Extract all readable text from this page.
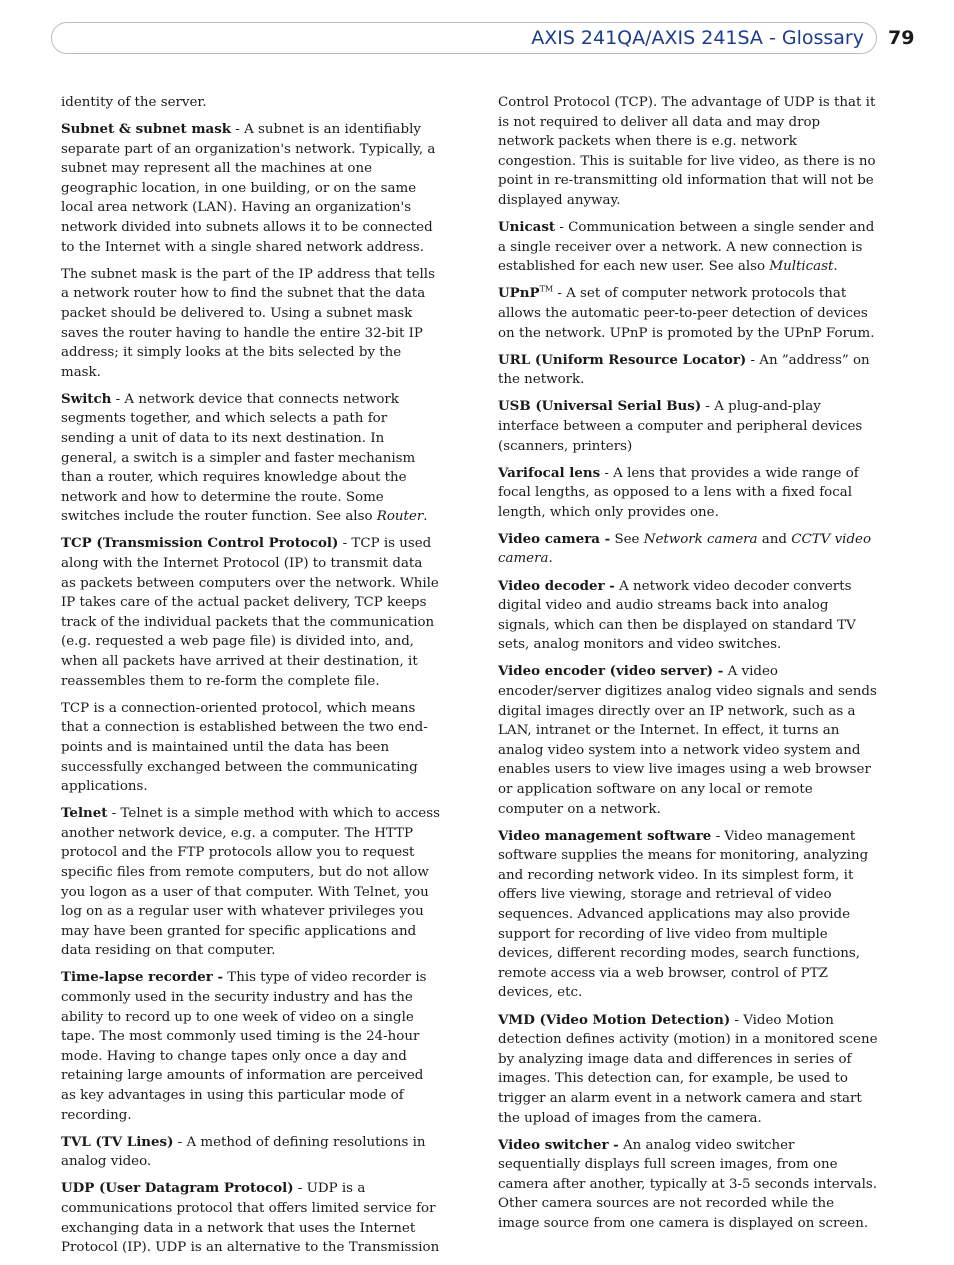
AXIS 241QA/AXIS 241SA - Glossary 79

identity of the server.

Subnet & subnet mask - A subnet is an identifiably separate part of an organization's network. Typically, a subnet may represent all the machines at one geographic location, in one building, or on the same local area network (LAN). Having an organization's network divided into subnets allows it to be connected to the Internet with a single shared network address.

The subnet mask is the part of the IP address that tells a network router how to find the subnet that the data packet should be delivered to. Using a subnet mask saves the router having to handle the entire 32-bit IP address; it simply looks at the bits selected by the mask.

Switch - A network device that connects network segments together, and which selects a path for sending a unit of data to its next destination. In general, a switch is a simpler and faster mechanism than a router, which requires knowledge about the network and how to determine the route. Some switches include the router function. See also Router.

TCP (Transmission Control Protocol) - TCP is used along with the Internet Protocol (IP) to transmit data as packets between computers over the network. While IP takes care of the actual packet delivery, TCP keeps track of the individual packets that the communication (e.g. requested a web page file) is divided into, and, when all packets have arrived at their destination, it reassembles them to re-form the complete file.

TCP is a connection-oriented protocol, which means that a connection is established between the two end-points and is maintained until the data has been successfully exchanged between the communicating applications.

Telnet - Telnet is a simple method with which to access another network device, e.g. a computer. The HTTP protocol and the FTP protocols allow you to request specific files from remote computers, but do not allow you logon as a user of that computer. With Telnet, you log on as a regular user with whatever privileges you may have been granted for specific applications and data residing on that computer.

Time-lapse recorder - This type of video recorder is commonly used in the security industry and has the ability to record up to one week of video on a single tape. The most commonly used timing is the 24-hour mode. Having to change tapes only once a day and retaining large amounts of information are perceived as key advantages in using this particular mode of recording.

TVL (TV Lines) - A method of defining resolutions in analog video.

UDP (User Datagram Protocol) - UDP is a communications protocol that offers limited service for exchanging data in a network that uses the Internet Protocol (IP). UDP is an alternative to the Transmission

Control Protocol (TCP). The advantage of UDP is that it is not required to deliver all data and may drop network packets when there is e.g. network congestion. This is suitable for live video, as there is no point in re-transmitting old information that will not be displayed anyway.

Unicast - Communication between a single sender and a single receiver over a network. A new connection is established for each new user. See also Multicast.

UPnP™ - A set of computer network protocols that allows the automatic peer-to-peer detection of devices on the network. UPnP is promoted by the UPnP Forum.

URL (Uniform Resource Locator) - An ”address” on the network.

USB (Universal Serial Bus) - A plug-and-play interface between a computer and peripheral devices (scanners, printers)

Varifocal lens - A lens that provides a wide range of focal lengths, as opposed to a lens with a fixed focal length, which only provides one.

Video camera - See Network camera and CCTV video camera.

Video decoder - A network video decoder converts digital video and audio streams back into analog signals, which can then be displayed on standard TV sets, analog monitors and video switches.

Video encoder (video server) - A video encoder/server digitizes analog video signals and sends digital images directly over an IP network, such as a LAN, intranet or the Internet. In effect, it turns an analog video system into a network video system and enables users to view live images using a web browser or application software on any local or remote computer on a network.

Video management software - Video management software supplies the means for monitoring, analyzing and recording network video. In its simplest form, it offers live viewing, storage and retrieval of video sequences. Advanced applications may also provide support for recording of live video from multiple devices, different recording modes, search functions, remote access via a web browser, control of PTZ devices, etc.

VMD (Video Motion Detection) - Video Motion detection defines activity (motion) in a monitored scene by analyzing image data and differences in series of images. This detection can, for example, be used to trigger an alarm event in a network camera and start the upload of images from the camera.

Video switcher - An analog video switcher sequentially displays full screen images, from one camera after another, typically at 3-5 seconds intervals. Other camera sources are not recorded while the image source from one camera is displayed on screen.
